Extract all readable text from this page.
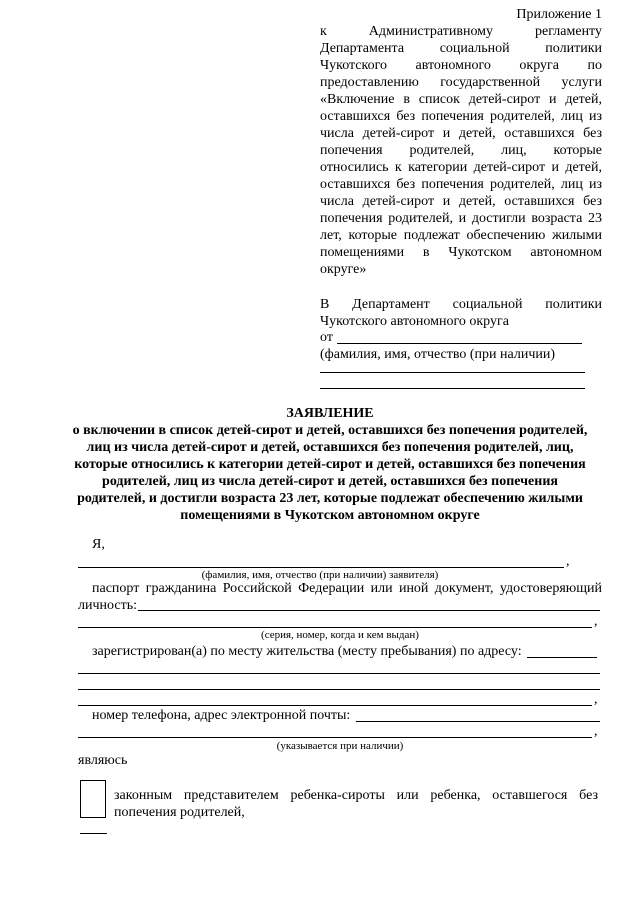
Приложение 1
к Административному регламенту
Департамента социальной политики
Чукотского автономного округа по
предоставлению государственной услуги
«Включение в список детей-сирот и детей,
оставшихся без попечения родителей, лиц из
числа детей-сирот и детей, оставшихся без
попечения родителей, лиц, которые
относились к категории детей-сирот и детей,
оставшихся без попечения родителей, лиц из
числа детей-сирот и детей, оставшихся без
попечения родителей, и достигли возраста 23
лет, которые подлежат обеспечению жилыми
помещениями в Чукотском автономном
округе»
В Департамент социальной политики
Чукотского автономного округа
от
(фамилия, имя, отчество (при наличии)
ЗАЯВЛЕНИЕ
о включении в список детей-сирот и детей, оставшихся без попечения родителей,
лиц из числа детей-сирот и детей, оставшихся без попечения родителей, лиц,
которые относились к категории детей-сирот и детей, оставшихся без попечения
родителей, лиц из числа детей-сирот и детей, оставшихся без попечения
родителей, и достигли возраста 23 лет, которые подлежат обеспечению жилыми
помещениями в Чукотском автономном округе
Я,
,
(фамилия, имя, отчество (при наличии) заявителя)
паспорт гражданина Российской Федерации или иной документ, удостоверяющий
личность:
,
(серия, номер, когда и кем выдан)
зарегистрирован(а) по месту жительства (месту пребывания) по адресу:
,
номер телефона, адрес электронной почты:
,
(указывается при наличии)
являюсь
законным представителем ребенка-сироты или ребенка, оставшегося без
попечения родителей,
